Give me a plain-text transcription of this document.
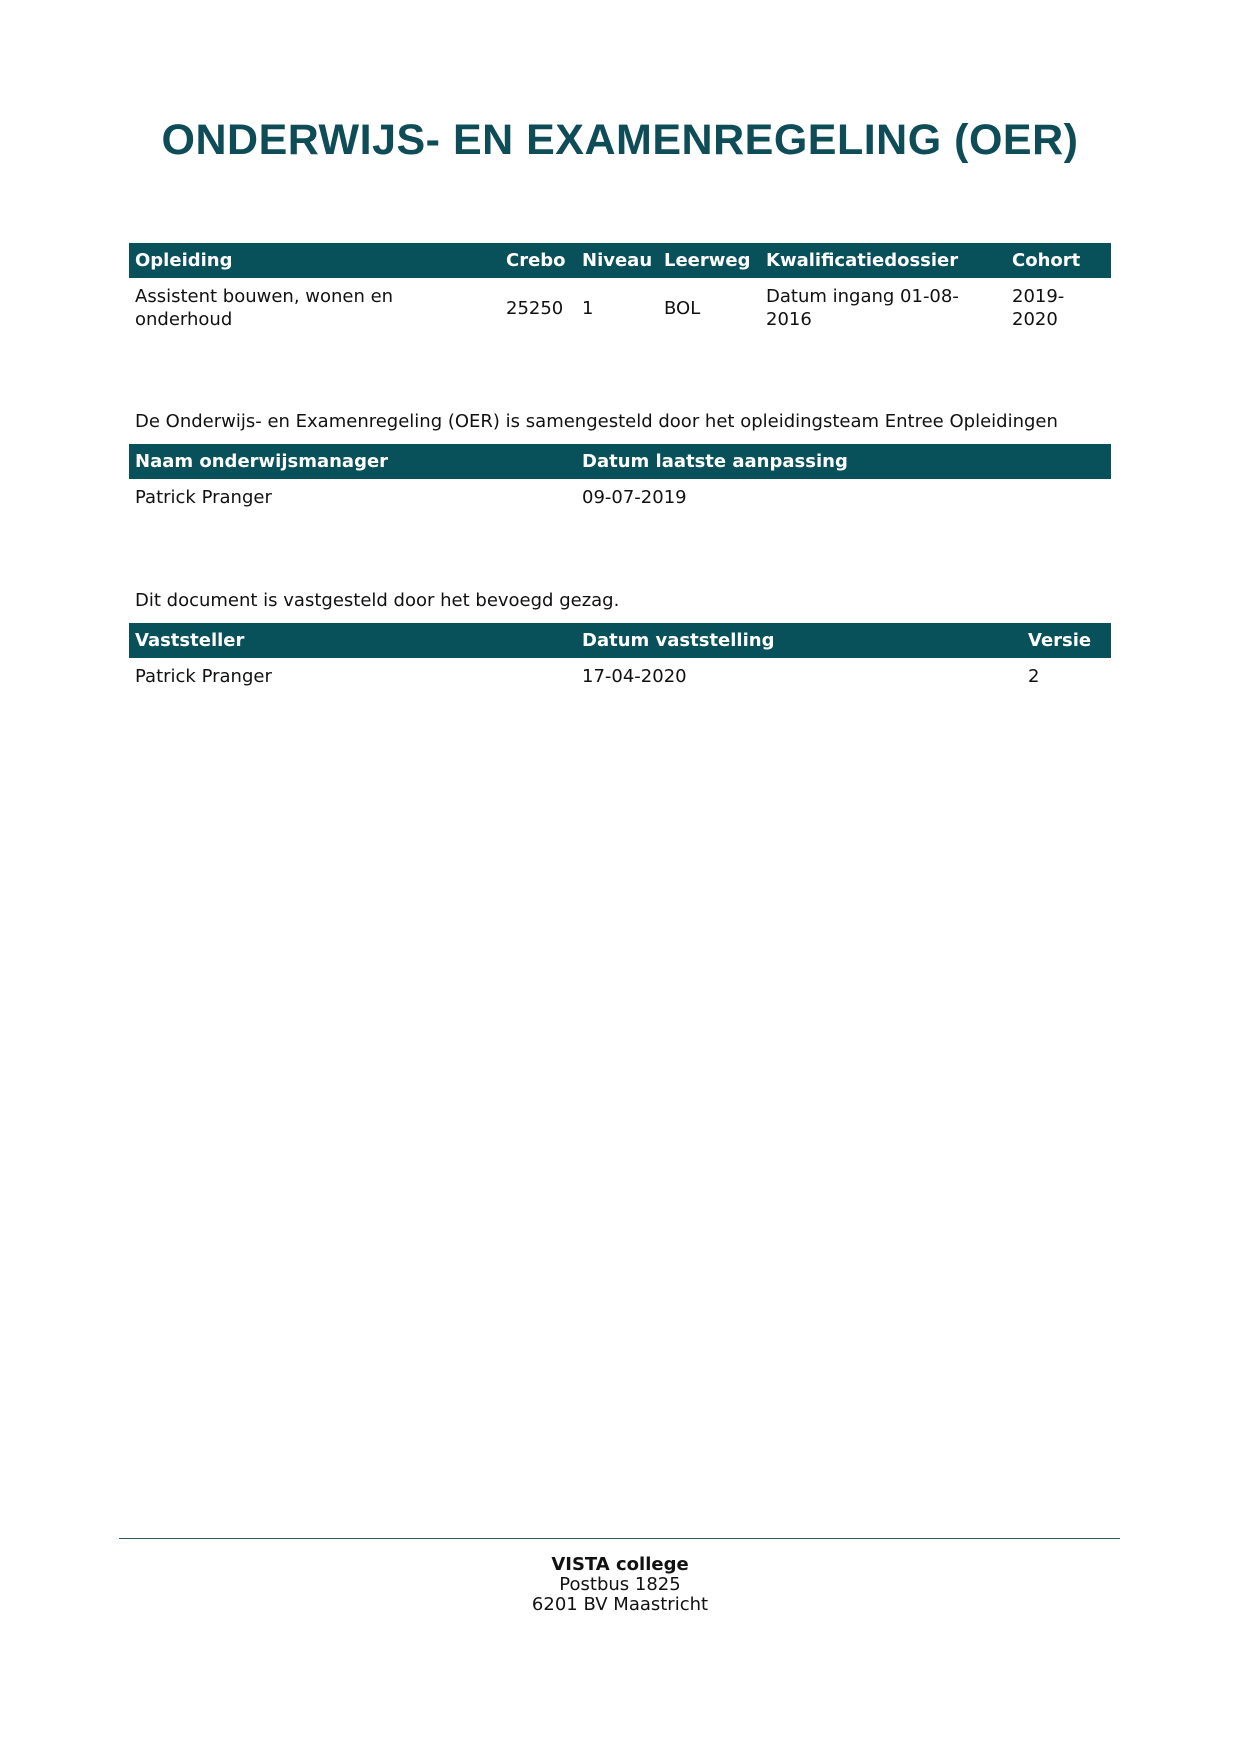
ONDERWIJS- EN EXAMENREGELING (OER)
Opleiding	Crebo	Niveau	Leerweg	Kwalificatiedossier	Cohort
Assistent bouwen, wonen en onderhoud	25250	1	BOL	Datum ingang 01-08-2016	2019-2020
De Onderwijs- en Examenregeling (OER) is samengesteld door het opleidingsteam Entree Opleidingen
Naam onderwijsmanager	Datum laatste aanpassing
Patrick Pranger	09-07-2019
Dit document is vastgesteld door het bevoegd gezag.
Vaststeller	Datum vaststelling	Versie
Patrick Pranger	17-04-2020	2
VISTA college
Postbus 1825
6201 BV Maastricht
